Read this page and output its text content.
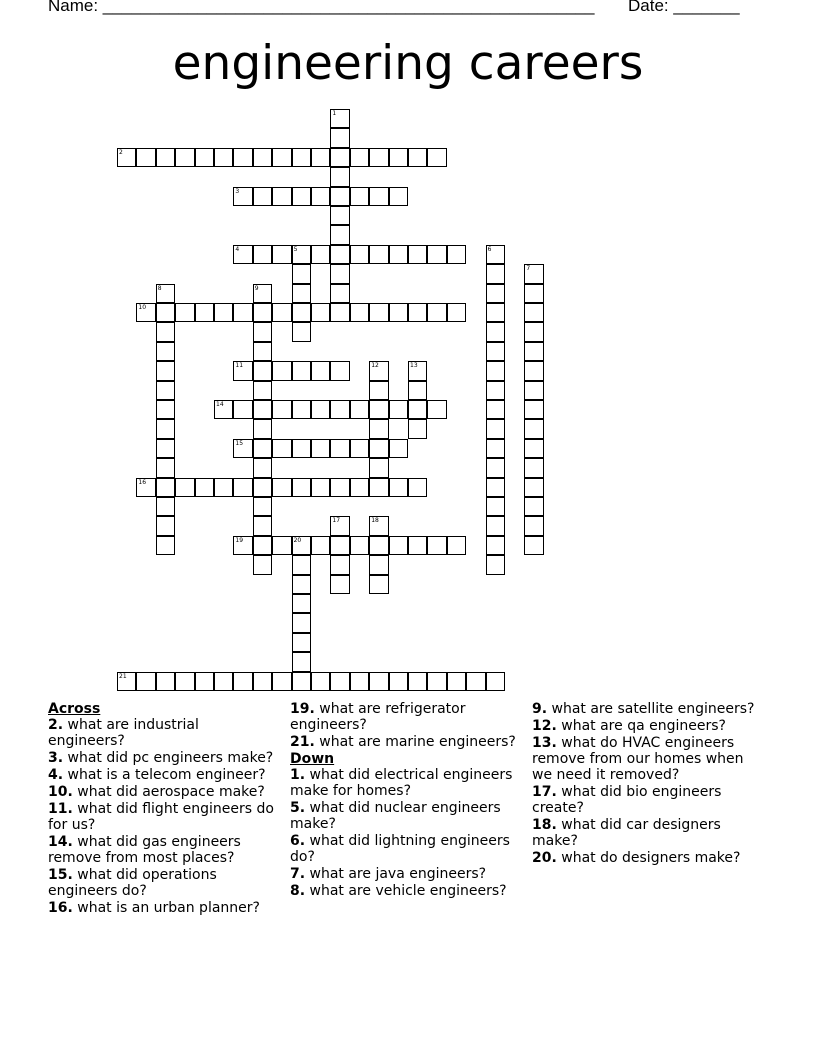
Name: ____________________________________________________ Date: _______
engineering careers
1
2
3
4	5	6
7
8	9
10
11	12	13
14
15
16
17	18
19	20
21
Across
2. what are industrial engineers?
3. what did pc engineers make?
4. what is a telecom engineer?
10. what did aerospace make?
11. what did flight engineers do for us?
14. what did gas engineers remove from most places?
15. what did operations engineers do?
16. what is an urban planner?
19. what are refrigerator engineers?
21. what are marine engineers?
Down
1. what did electrical engineers make for homes?
5. what did nuclear engineers make?
6. what did lightning engineers do?
7. what are java engineers?
8. what are vehicle engineers?
9. what are satellite engineers?
12. what are qa engineers?
13. what do HVAC engineers remove from our homes when we need it removed?
17. what did bio engineers create?
18. what did car designers make?
20. what do designers make?
